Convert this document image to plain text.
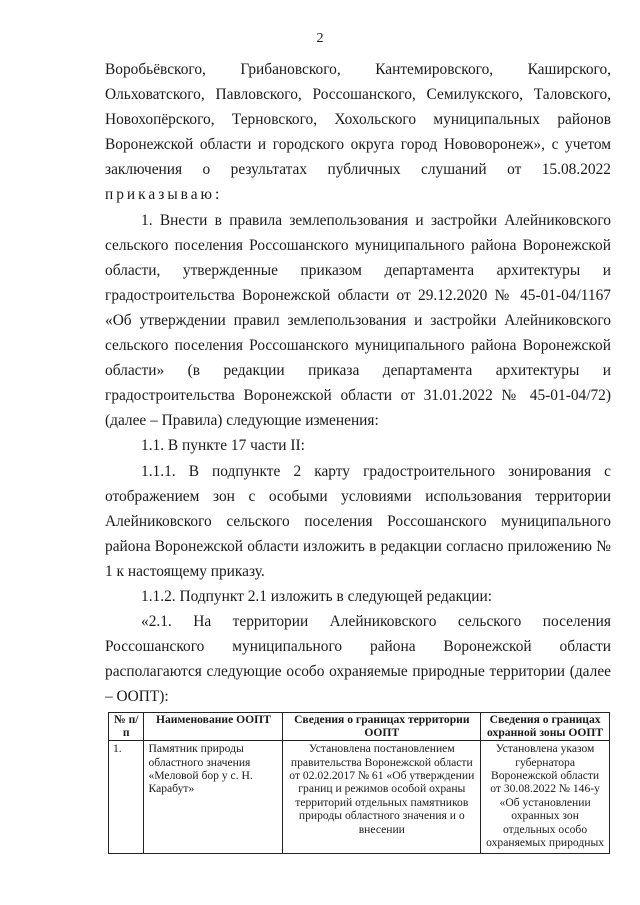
2

Воробьёвского, Грибановского, Кантемировского, Каширского, Ольховатского, Павловского, Россошанского, Семилукского, Таловского, Новохопёрского, Терновского, Хохольского муниципальных районов Воронежской области и городского округа город Нововоронеж», с учетом заключения о результатах публичных слушаний от 15.08.2022

приказываю:

1. Внести в правила землепользования и застройки Алейниковского сельского поселения Россошанского муниципального района Воронежской области, утвержденные приказом департамента архитектуры и градостроительства Воронежской области от 29.12.2020 № 45-01-04/1167 «Об утверждении правил землепользования и застройки Алейниковского сельского поселения Россошанского муниципального района Воронежской области» (в редакции приказа департамента архитектуры и градостроительства Воронежской области от 31.01.2022 № 45-01-04/72) (далее – Правила) следующие изменения:

1.1. В пункте 17 части II:

1.1.1. В подпункте 2 карту градостроительного зонирования с отображением зон с особыми условиями использования территории Алейниковского сельского поселения Россошанского муниципального района Воронежской области изложить в редакции согласно приложению № 1 к настоящему приказу.

1.1.2. Подпункт 2.1 изложить в следующей редакции:

«2.1. На территории Алейниковского сельского поселения Россошанского муниципального района Воронежской области располагаются следующие особо охраняемые природные территории (далее – ООПТ):

№ п/п	Наименование ООПТ	Сведения о границах территории ООПТ	Сведения о границах охранной зоны ООПТ
1.	Памятник природы областного значения «Меловой бор у с. Н. Карабут»	Установлена постановлением правительства Воронежской области от 02.02.2017 № 61 «Об утверждении границ и режимов особой охраны территорий отдельных памятников природы областного значения и о внесении	Установлена указом губернатора Воронежской области от 30.08.2022 № 146-у «Об установлении охранных зон отдельных особо охраняемых природных
